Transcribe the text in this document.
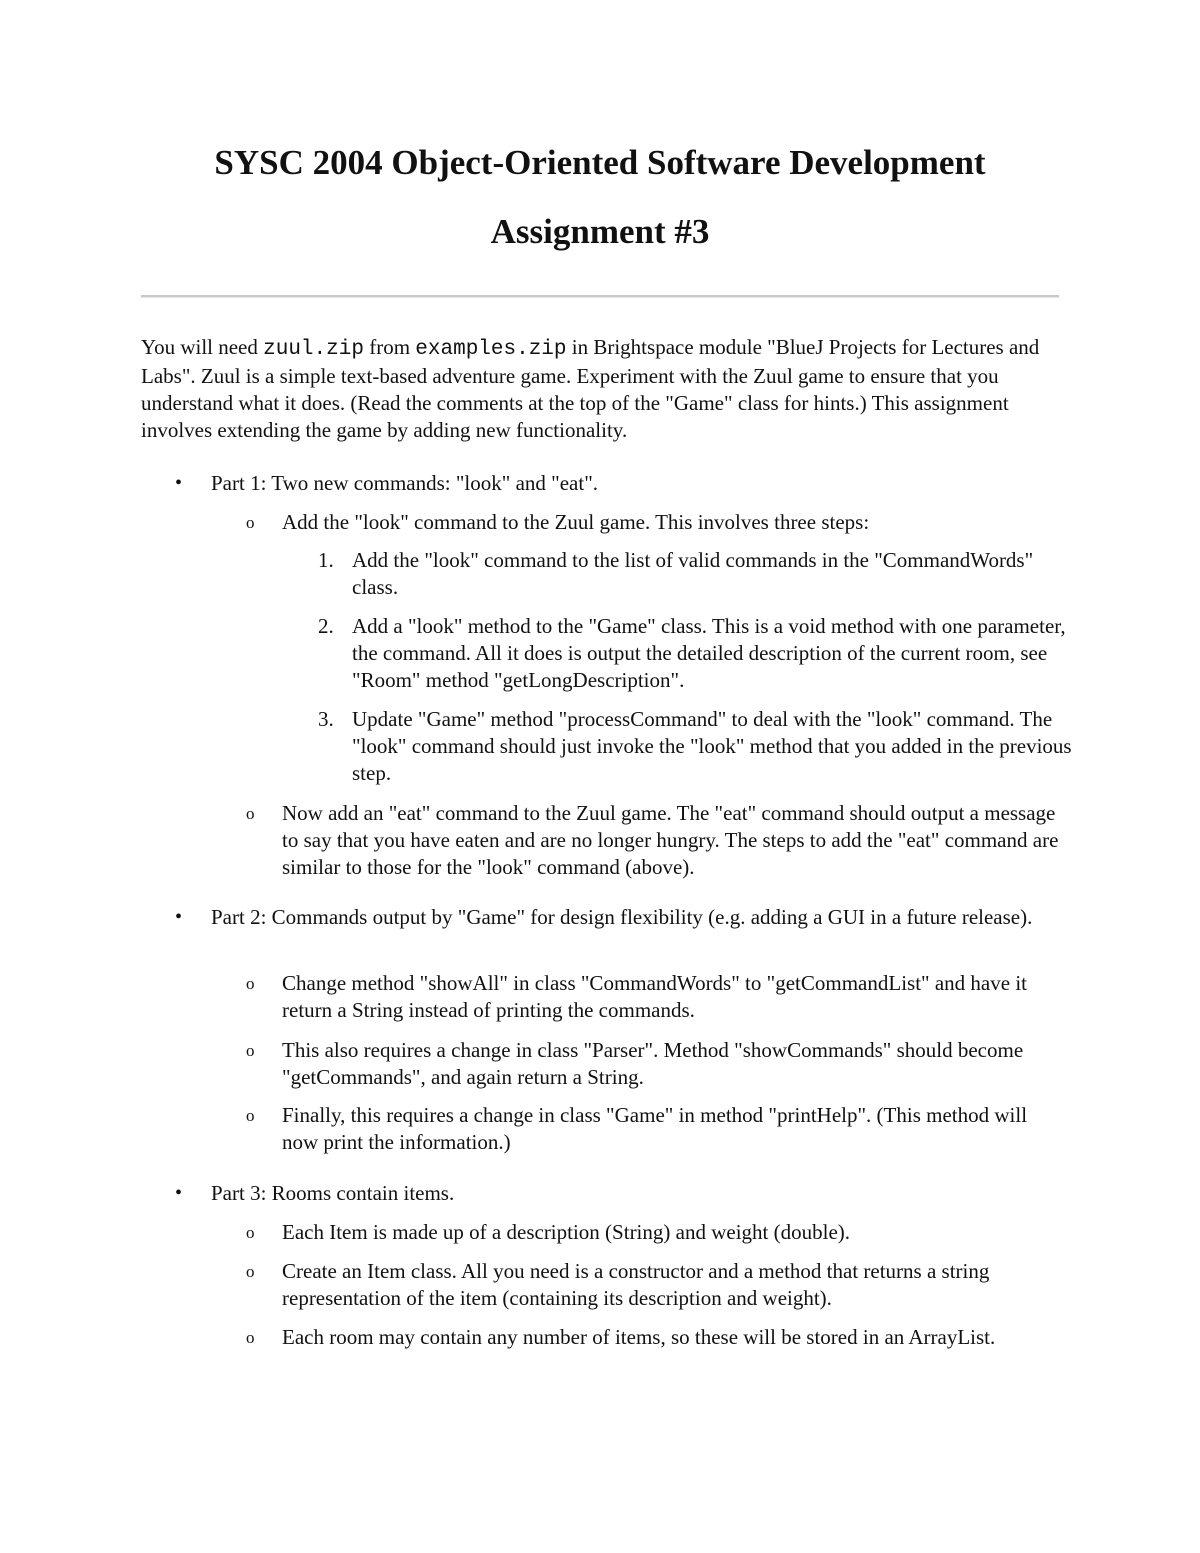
SYSC 2004 Object-Oriented Software Development
Assignment #3

You will need zuul.zip from examples.zip in Brightspace module "BlueJ Projects for Lectures and Labs". Zuul is a simple text-based adventure game. Experiment with the Zuul game to ensure that you understand what it does. (Read the comments at the top of the "Game" class for hints.) This assignment involves extending the game by adding new functionality.

• Part 1: Two new commands: "look" and "eat".

o Add the "look" command to the Zuul game. This involves three steps:

1. Add the "look" command to the list of valid commands in the "CommandWords" class.

2. Add a "look" method to the "Game" class. This is a void method with one parameter, the command. All it does is output the detailed description of the current room, see "Room" method "getLongDescription".

3. Update "Game" method "processCommand" to deal with the "look" command. The "look" command should just invoke the "look" method that you added in the previous step.

o Now add an "eat" command to the Zuul game. The "eat" command should output a message to say that you have eaten and are no longer hungry. The steps to add the "eat" command are similar to those for the "look" command (above).

• Part 2: Commands output by "Game" for design flexibility (e.g. adding a GUI in a future release).

o Change method "showAll" in class "CommandWords" to "getCommandList" and have it return a String instead of printing the commands.

o This also requires a change in class "Parser". Method "showCommands" should become "getCommands", and again return a String.

o Finally, this requires a change in class "Game" in method "printHelp". (This method will now print the information.)

• Part 3: Rooms contain items.

o Each Item is made up of a description (String) and weight (double).

o Create an Item class. All you need is a constructor and a method that returns a string representation of the item (containing its description and weight).

o Each room may contain any number of items, so these will be stored in an ArrayList.
